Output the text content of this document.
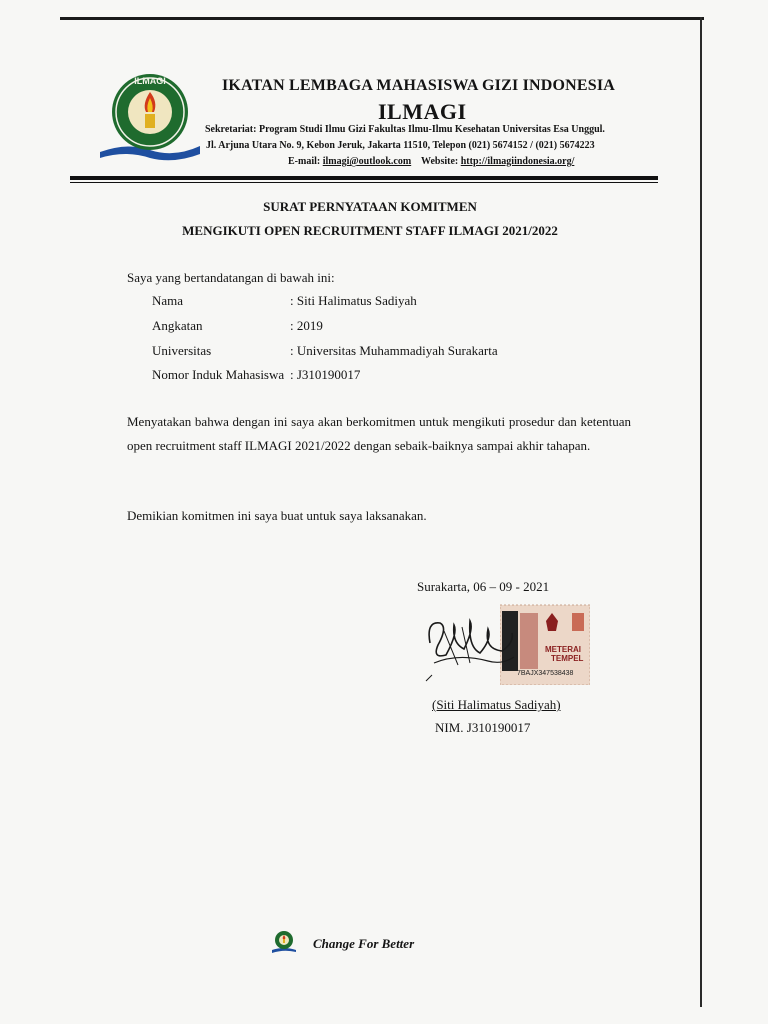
ILMAGI	IKATAN LEMBAGA MAHASISWA GIZI INDONESIA
ILMAGI
Sekretariat: Program Studi Ilmu Gizi Fakultas Ilmu-Ilmu Kesehatan Universitas Esa Unggul.
Jl. Arjuna Utara No. 9, Kebon Jeruk, Jakarta 11510, Telepon (021) 5674152 / (021) 5674223
E-mail: ilmagi@outlook.com Website: http://ilmagiindonesia.org/
SURAT PERNYATAAN KOMITMEN
MENGIKUTI OPEN RECRUITMENT STAFF ILMAGI 2021/2022
Saya yang bertandatangan di bawah ini:
Nama	: Siti Halimatus Sadiyah
Angkatan	: 2019
Universitas	: Universitas Muhammadiyah Surakarta
Nomor Induk Mahasiswa : J310190017
Menyatakan bahwa dengan ini saya akan berkomitmen untuk mengikuti prosedur dan ketentuan open recruitment staff ILMAGI 2021/2022 dengan sebaik-baiknya sampai akhir tahapan.
Demikian komitmen ini saya buat untuk saya laksanakan.
Surakarta, 06 – 09 - 2021
METERAI
TEMPEL
7BAJX347538438
(Siti Halimatus Sadiyah)
NIM. J310190017
Change For Better
